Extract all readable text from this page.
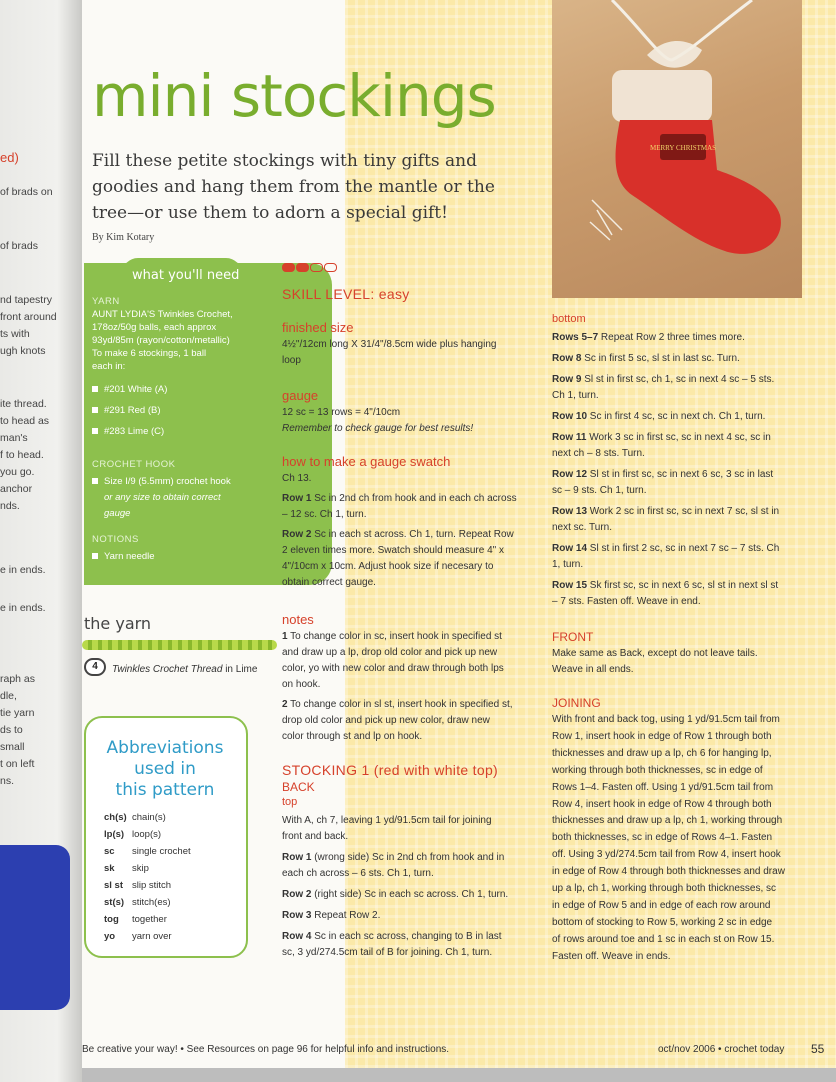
ed)
of brads on
of brads
nd tapestry
front around
ts with
ugh knots
ite thread.
to head as
man's
f to head.
you go.
anchor
nds.
e in ends.
e in ends.
raph as
dle,
tie yarn
ds to
small
t on left
ns.
MERRY CHRISTMAS
mini stockings
Fill these petite stockings with tiny gifts and goodies and hang them from the mantle or the tree—or use them to adorn a special gift!
By Kim Kotary
YARN
AUNT LYDIA'S Twinkles Crochet,
178oz/50g balls, each approx
93yd/85m (rayon/cotton/metallic)
To make 6 stockings, 1 ball
each in:
#201 White (A)
#291 Red (B)
#283 Lime (C)
CROCHET HOOK
Size I/9 (5.5mm) crochet hook
or any size to obtain correct
gauge
NOTIONS
Yarn needle
what you'll need
the yarn
4	Twinkles Crochet Thread in Lime
Abbreviations
used in
this pattern
ch(s) chain(s)
lp(s) loop(s)
sc single crochet
sk skip
sl st slip stitch
st(s) stitch(es)
tog together
yo yarn over
SKILL LEVEL: easy
finished size
4½"/12cm long X 31/4"/8.5cm wide plus hanging
loop
gauge
12 sc = 13 rows = 4"/10cm
Remember to check gauge for best results!
how to make a gauge swatch
Ch 13.
Row 1 Sc in 2nd ch from hook and in each ch across
– 12 sc. Ch 1, turn.
Row 2 Sc in each st across. Ch 1, turn. Repeat Row
2 eleven times more. Swatch should measure 4" x
4"/10cm x 10cm. Adjust hook size if necesary to
obtain correct gauge.
notes
1 To change color in sc, insert hook in specified st
and draw up a lp, drop old color and pick up new
color, yo with new color and draw through both lps
on hook.
2 To change color in sl st, insert hook in specified st,
drop old color and pick up new color, draw new
color through st and lp on hook.
STOCKING 1 (red with white top)
BACK
top
With A, ch 7, leaving 1 yd/91.5cm tail for joining
front and back.
Row 1 (wrong side) Sc in 2nd ch from hook and in
each ch across – 6 sts. Ch 1, turn.
Row 2 (right side) Sc in each sc across. Ch 1, turn.
Row 3 Repeat Row 2.
Row 4 Sc in each sc across, changing to B in last
sc, 3 yd/274.5cm tail of B for joining. Ch 1, turn.
bottom
Rows 5–7 Repeat Row 2 three times more.
Row 8 Sc in first 5 sc, sl st in last sc. Turn.
Row 9 Sl st in first sc, ch 1, sc in next 4 sc – 5 sts.
Ch 1, turn.
Row 10 Sc in first 4 sc, sc in next ch. Ch 1, turn.
Row 11 Work 3 sc in first sc, sc in next 4 sc, sc in
next ch – 8 sts. Turn.
Row 12 Sl st in first sc, sc in next 6 sc, 3 sc in last
sc – 9 sts. Ch 1, turn.
Row 13 Work 2 sc in first sc, sc in next 7 sc, sl st in
next sc. Turn.
Row 14 Sl st in first 2 sc, sc in next 7 sc – 7 sts. Ch
1, turn.
Row 15 Sk first sc, sc in next 6 sc, sl st in next sl st
– 7 sts. Fasten off. Weave in end.
FRONT
Make same as Back, except do not leave tails.
Weave in all ends.
JOINING
With front and back tog, using 1 yd/91.5cm tail from
Row 1, insert hook in edge of Row 1 through both
thicknesses and draw up a lp, ch 6 for hanging lp,
working through both thicknesses, sc in edge of
Rows 1–4. Fasten off. Using 1 yd/91.5cm tail from
Row 4, insert hook in edge of Row 4 through both
thicknesses and draw up a lp, ch 1, working through
both thicknesses, sc in edge of Rows 4–1. Fasten
off. Using 3 yd/274.5cm tail from Row 4, insert hook
in edge of Row 4 through both thicknesses and draw
up a lp, ch 1, working through both thicknesses, sc
in edge of Row 5 and in edge of each row around
bottom of stocking to Row 5, working 2 sc in edge
of rows around toe and 1 sc in each st on Row 15.
Fasten off. Weave in ends.
Be creative your way! • See Resources on page 96 for helpful info and instructions.	oct/nov 2006 • crochet today 55
